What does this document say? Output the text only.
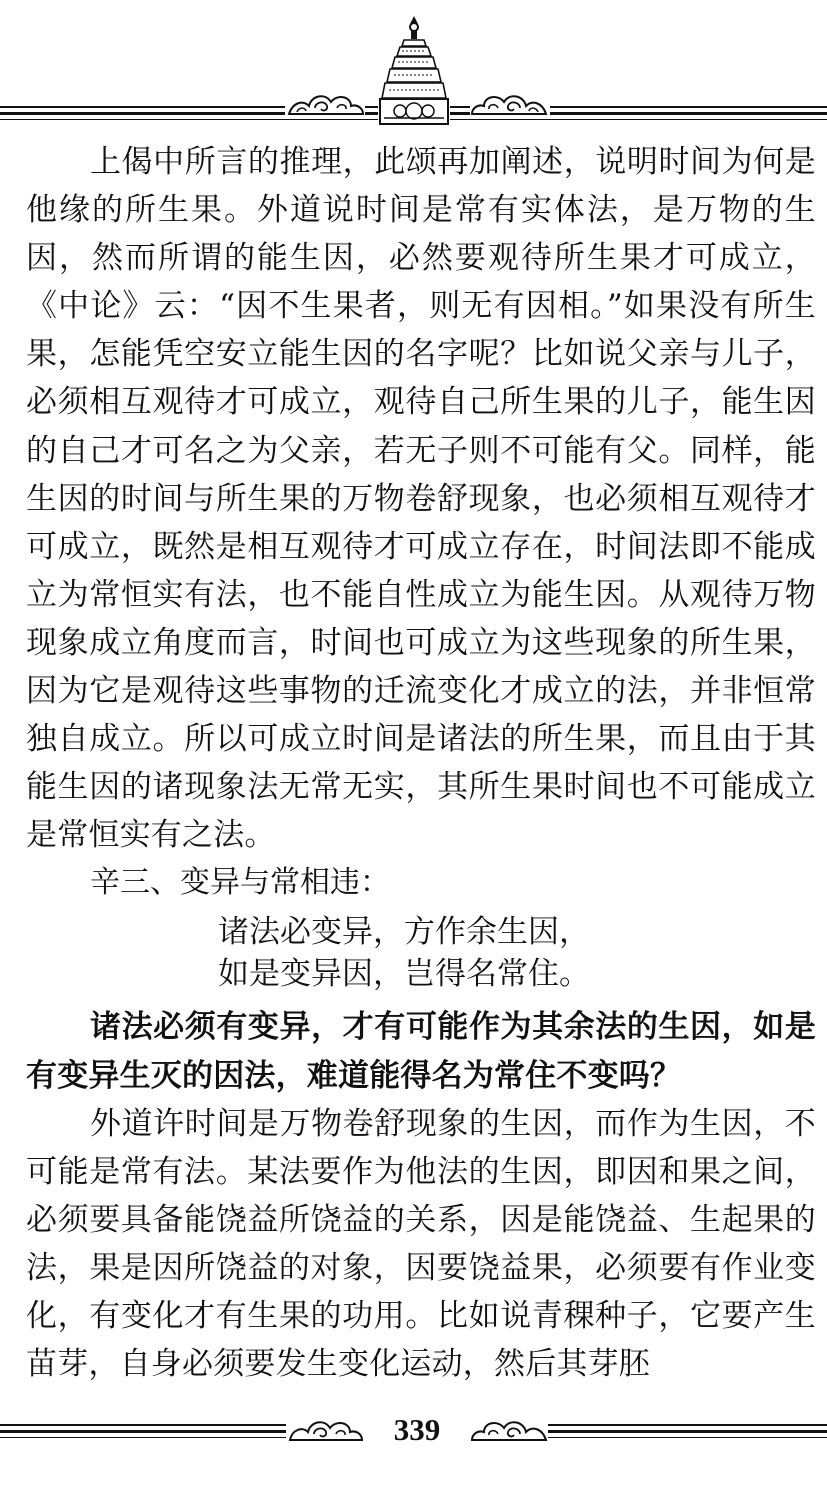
上偈中所言的推理，此颂再加阐述，说明时间为何是他缘的所生果。外道说时间是常有实体法，是万物的生因，然而所谓的能生因，必然要观待所生果才可成立，《中论》云：“因不生果者，则无有因相。”如果没有所生果，怎能凭空安立能生因的名字呢？比如说父亲与儿子，必须相互观待才可成立，观待自己所生果的儿子，能生因的自己才可名之为父亲，若无子则不可能有父。同样，能生因的时间与所生果的万物卷舒现象，也必须相互观待才可成立，既然是相互观待才可成立存在，时间法即不能成立为常恒实有法，也不能自性成立为能生因。从观待万物现象成立角度而言，时间也可成立为这些现象的所生果，因为它是观待这些事物的迁流变化才成立的法，并非恒常独自成立。所以可成立时间是诸法的所生果，而且由于其能生因的诸现象法无常无实，其所生果时间也不可能成立是常恒实有之法。

辛三、变异与常相违：

诸法必变异，方作余生因，

如是变异因，岂得名常住。

诸法必须有变异，才有可能作为其余法的生因，如是有变异生灭的因法，难道能得名为常住不变吗？

外道许时间是万物卷舒现象的生因，而作为生因，不可能是常有法。某法要作为他法的生因，即因和果之间，必须要具备能饶益所饶益的关系，因是能饶益、生起果的法，果是因所饶益的对象，因要饶益果，必须要有作业变化，有变化才有生果的功用。比如说青稞种子，它要产生苗芽，自身必须要发生变化运动，然后其芽胚

339
